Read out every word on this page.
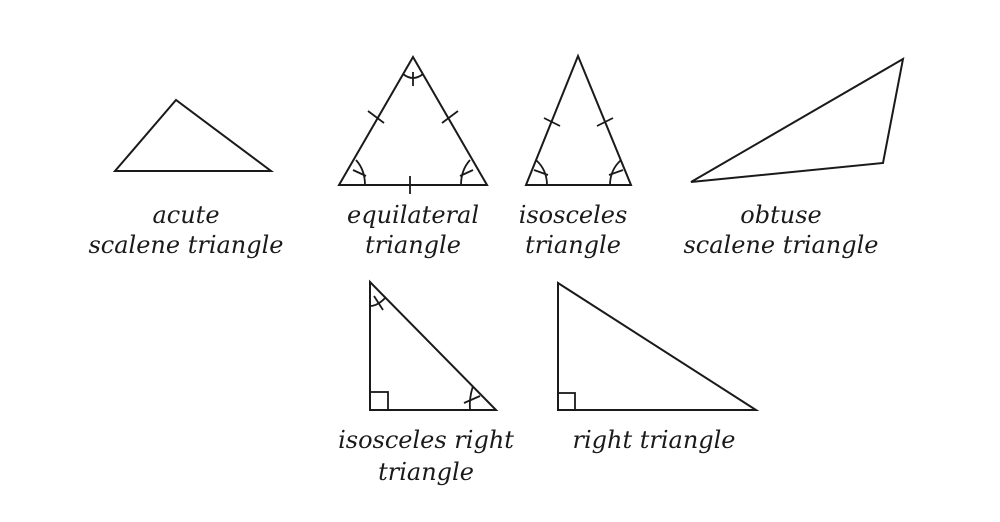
acute
scalene triangle
equilateral
triangle
isosceles
triangle
obtuse
scalene triangle
isosceles right
triangle
right triangle
